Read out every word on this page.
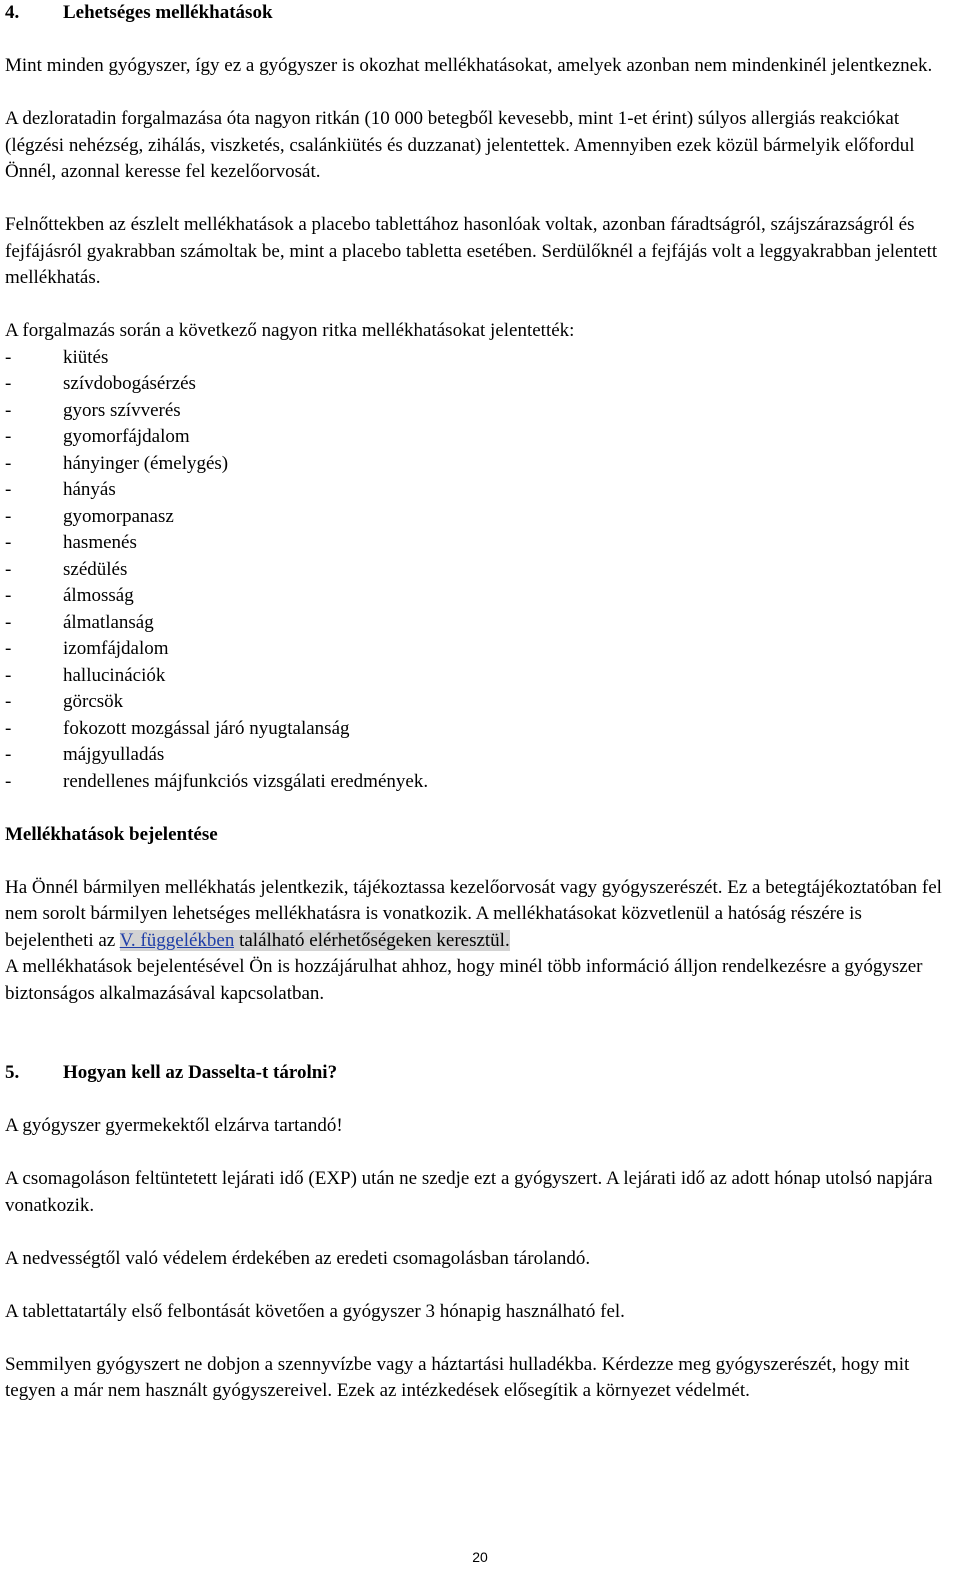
4.	Lehetséges mellékhatások

Mint minden gyógyszer, így ez a gyógyszer is okozhat mellékhatásokat, amelyek azonban nem mindenkinél jelentkeznek.

A dezloratadin forgalmazása óta nagyon ritkán (10 000 betegből kevesebb, mint 1-et érint) súlyos allergiás reakciókat (légzési nehézség, zihálás, viszketés, csalánkiütés és duzzanat) jelentettek. Amennyiben ezek közül bármelyik előfordul Önnél, azonnal keresse fel kezelőorvosát.

Felnőttekben az észlelt mellékhatások a placebo tablettához hasonlóak voltak, azonban fáradtságról, szájszárazságról és fejfájásról gyakrabban számoltak be, mint a placebo tabletta esetében. Serdülőknél a fejfájás volt a leggyakrabban jelentett mellékhatás.

A forgalmazás során a következő nagyon ritka mellékhatásokat jelentették:

-	kiütés
-	szívdobogásérzés
-	gyors szívverés
-	gyomorfájdalom
-	hányinger (émelygés)
-	hányás
-	gyomorpanasz
-	hasmenés
-	szédülés
-	álmosság
-	álmatlanság
-	izomfájdalom
-	hallucinációk
-	görcsök
-	fokozott mozgással járó nyugtalanság
-	májgyulladás
-	rendellenes májfunkciós vizsgálati eredmények.

Mellékhatások bejelentése

Ha Önnél bármilyen mellékhatás jelentkezik, tájékoztassa kezelőorvosát vagy gyógyszerészét. Ez a betegtájékoztatóban fel nem sorolt bármilyen lehetséges mellékhatásra is vonatkozik. A mellékhatásokat közvetlenül a hatóság részére is bejelentheti az V. függelékben található elérhetőségeken keresztül.

A mellékhatások bejelentésével Ön is hozzájárulhat ahhoz, hogy minél több információ álljon rendelkezésre a gyógyszer biztonságos alkalmazásával kapcsolatban.

5.	Hogyan kell az Dasselta-t tárolni?

A gyógyszer gyermekektől elzárva tartandó!

A csomagoláson feltüntetett lejárati idő (EXP) után ne szedje ezt a gyógyszert. A lejárati idő az adott hónap utolsó napjára vonatkozik.

A nedvességtől való védelem érdekében az eredeti csomagolásban tárolandó.

A tablettatartály első felbontását követően a gyógyszer 3 hónapig használható fel.

Semmilyen gyógyszert ne dobjon a szennyvízbe vagy a háztartási hulladékba. Kérdezze meg gyógyszerészét, hogy mit tegyen a már nem használt gyógyszereivel. Ezek az intézkedések elősegítik a környezet védelmét.

20
